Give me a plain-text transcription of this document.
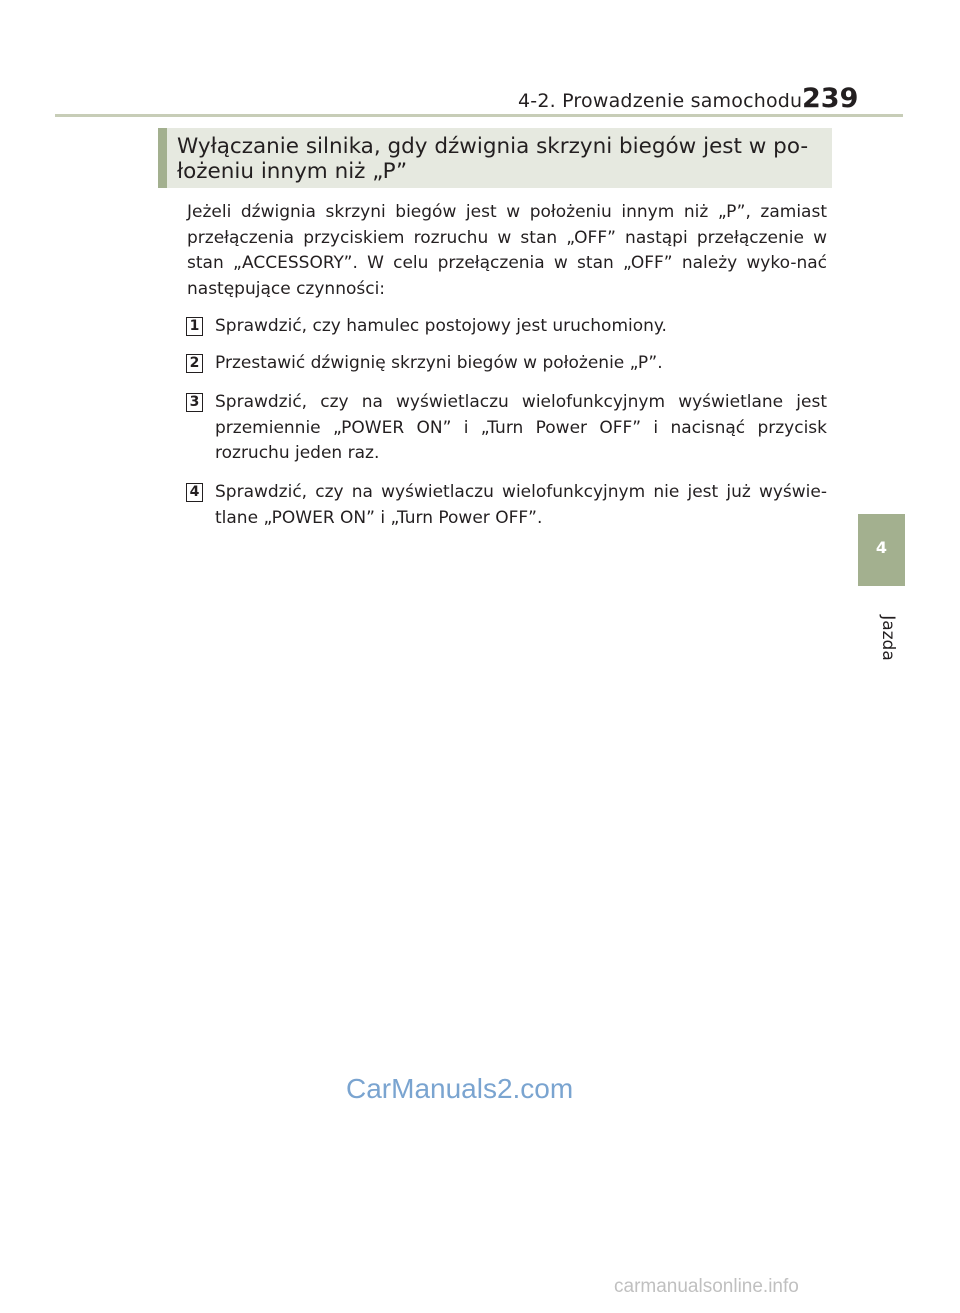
4-2. Prowadzenie samochodu 239
Wyłączanie silnika, gdy dźwignia skrzyni biegów jest w po-łożeniu innym niż „P”

Jeżeli dźwignia skrzyni biegów jest w położeniu innym niż „P”, zamiast przełączenia przyciskiem rozruchu w stan „OFF” nastąpi przełączenie w stan „ACCESSORY”. W celu przełączenia w stan „OFF” należy wyko-nać następujące czynności:

1 Sprawdzić, czy hamulec postojowy jest uruchomiony.

2 Przestawić dźwignię skrzyni biegów w położenie „P”.

3 Sprawdzić, czy na wyświetlaczu wielofunkcyjnym wyświetlane jest przemiennie „POWER ON” i „Turn Power OFF” i nacisnąć przycisk rozruchu jeden raz.

4 Sprawdzić, czy na wyświetlaczu wielofunkcyjnym nie jest już wyświe-tlane „POWER ON” i „Turn Power OFF”.

4
Jazda
CarManuals2.com
carmanualsonline.info
